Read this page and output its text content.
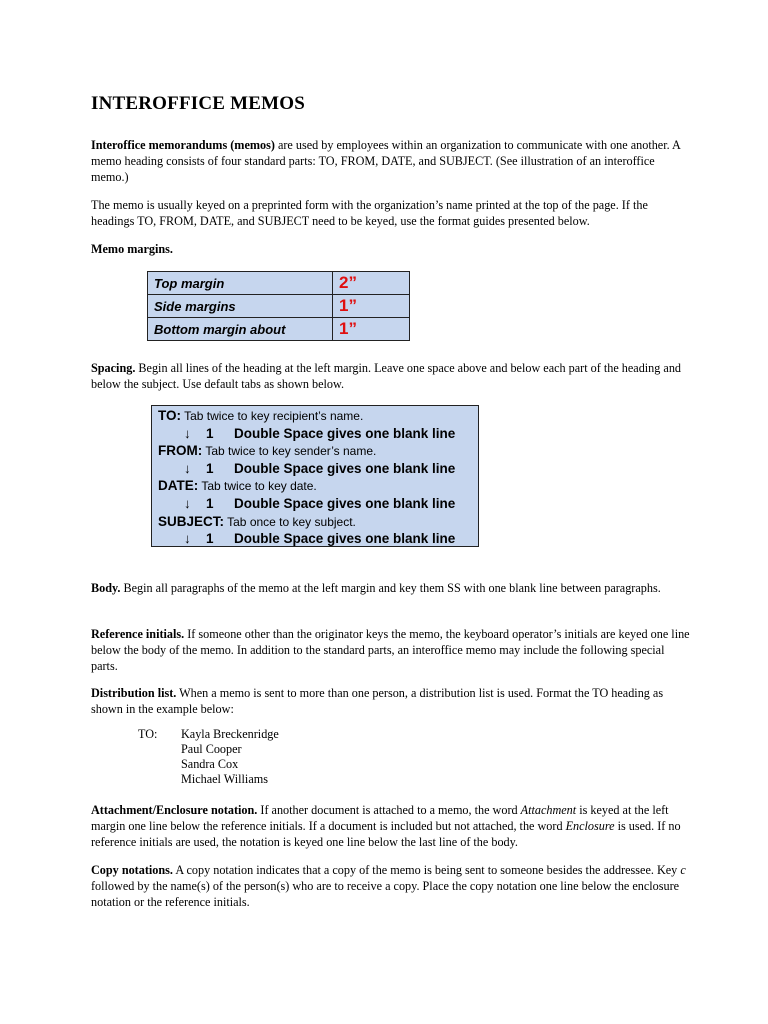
INTEROFFICE MEMOS

Interoffice memorandums (memos) are used by employees within an organization to communicate with one another. A memo heading consists of four standard parts: TO, FROM, DATE, and SUBJECT. (See illustration of an interoffice memo.)

The memo is usually keyed on a preprinted form with the organization’s name printed at the top of the page. If the headings TO, FROM, DATE, and SUBJECT need to be keyed, use the format guides presented below.

Memo margins.

Top margin	2”
Side margins	1”
Bottom margin about	1”

Spacing. Begin all lines of the heading at the left margin. Leave one space above and below each part of the heading and below the subject. Use default tabs as shown below.

TO: Tab twice to key recipient’s name.
↓ 1 Double Space gives one blank line
FROM: Tab twice to key sender’s name.
↓ 1 Double Space gives one blank line
DATE: Tab twice to key date.
↓ 1 Double Space gives one blank line
SUBJECT: Tab once to key subject.
↓ 1 Double Space gives one blank line

Body. Begin all paragraphs of the memo at the left margin and key them SS with one blank line between paragraphs.

Reference initials. If someone other than the originator keys the memo, the keyboard operator’s initials are keyed one line below the body of the memo. In addition to the standard parts, an interoffice memo may include the following special parts.

Distribution list. When a memo is sent to more than one person, a distribution list is used. Format the TO heading as shown in the example below:

TO: Kayla Breckenridge
Paul Cooper
Sandra Cox
Michael Williams

Attachment/Enclosure notation. If another document is attached to a memo, the word Attachment is keyed at the left margin one line below the reference initials. If a document is included but not attached, the word Enclosure is used. If no reference initials are used, the notation is keyed one line below the last line of the body.

Copy notations. A copy notation indicates that a copy of the memo is being sent to someone besides the addressee. Key c followed by the name(s) of the person(s) who are to receive a copy. Place the copy notation one line below the enclosure notation or the reference initials.
